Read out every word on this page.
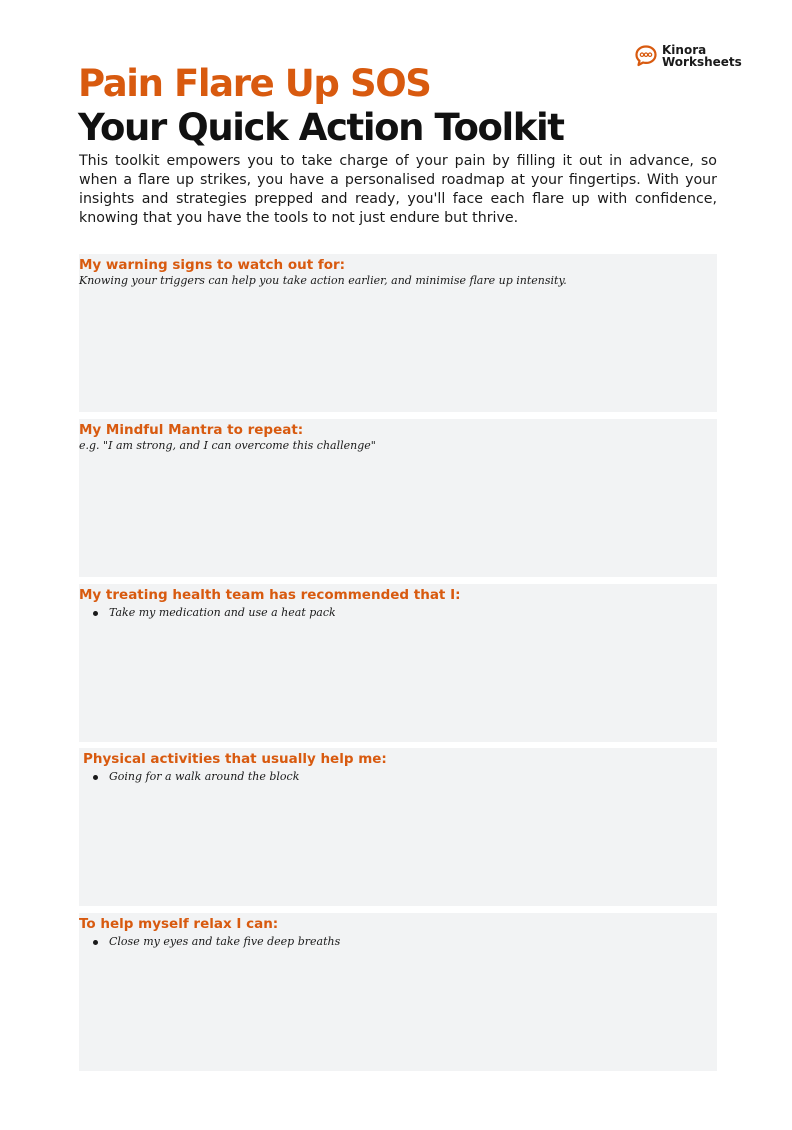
Kinora
Worksheets
Pain Flare Up SOS
Your Quick Action Toolkit

This toolkit empowers you to take charge of your pain by filling it out in advance, so when a flare up strikes, you have a personalised roadmap at your fingertips. With your insights and strategies prepped and ready, you'll face each flare up with confidence, knowing that you have the tools to not just endure but thrive.

My warning signs to watch out for:

Knowing your triggers can help you take action earlier, and minimise flare up intensity.

My Mindful Mantra to repeat:

e.g. "I am strong, and I can overcome this challenge"

My treating health team has recommended that I:

Take my medication and use a heat pack

Physical activities that usually help me:

Going for a walk around the block

To help myself relax I can:

Close my eyes and take five deep breaths
